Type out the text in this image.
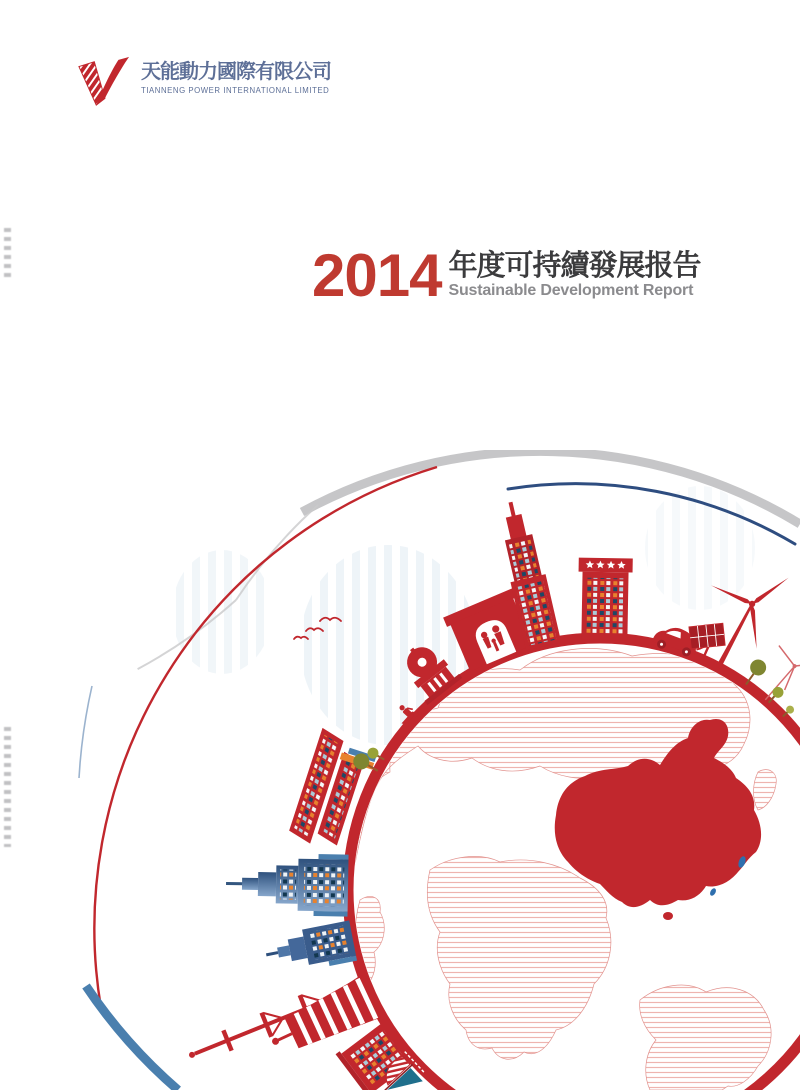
天能動力國際有限公司
TIANNENG POWER INTERNATIONAL LIMITED
2014 年度可持續發展报告
Sustainable Development Report
